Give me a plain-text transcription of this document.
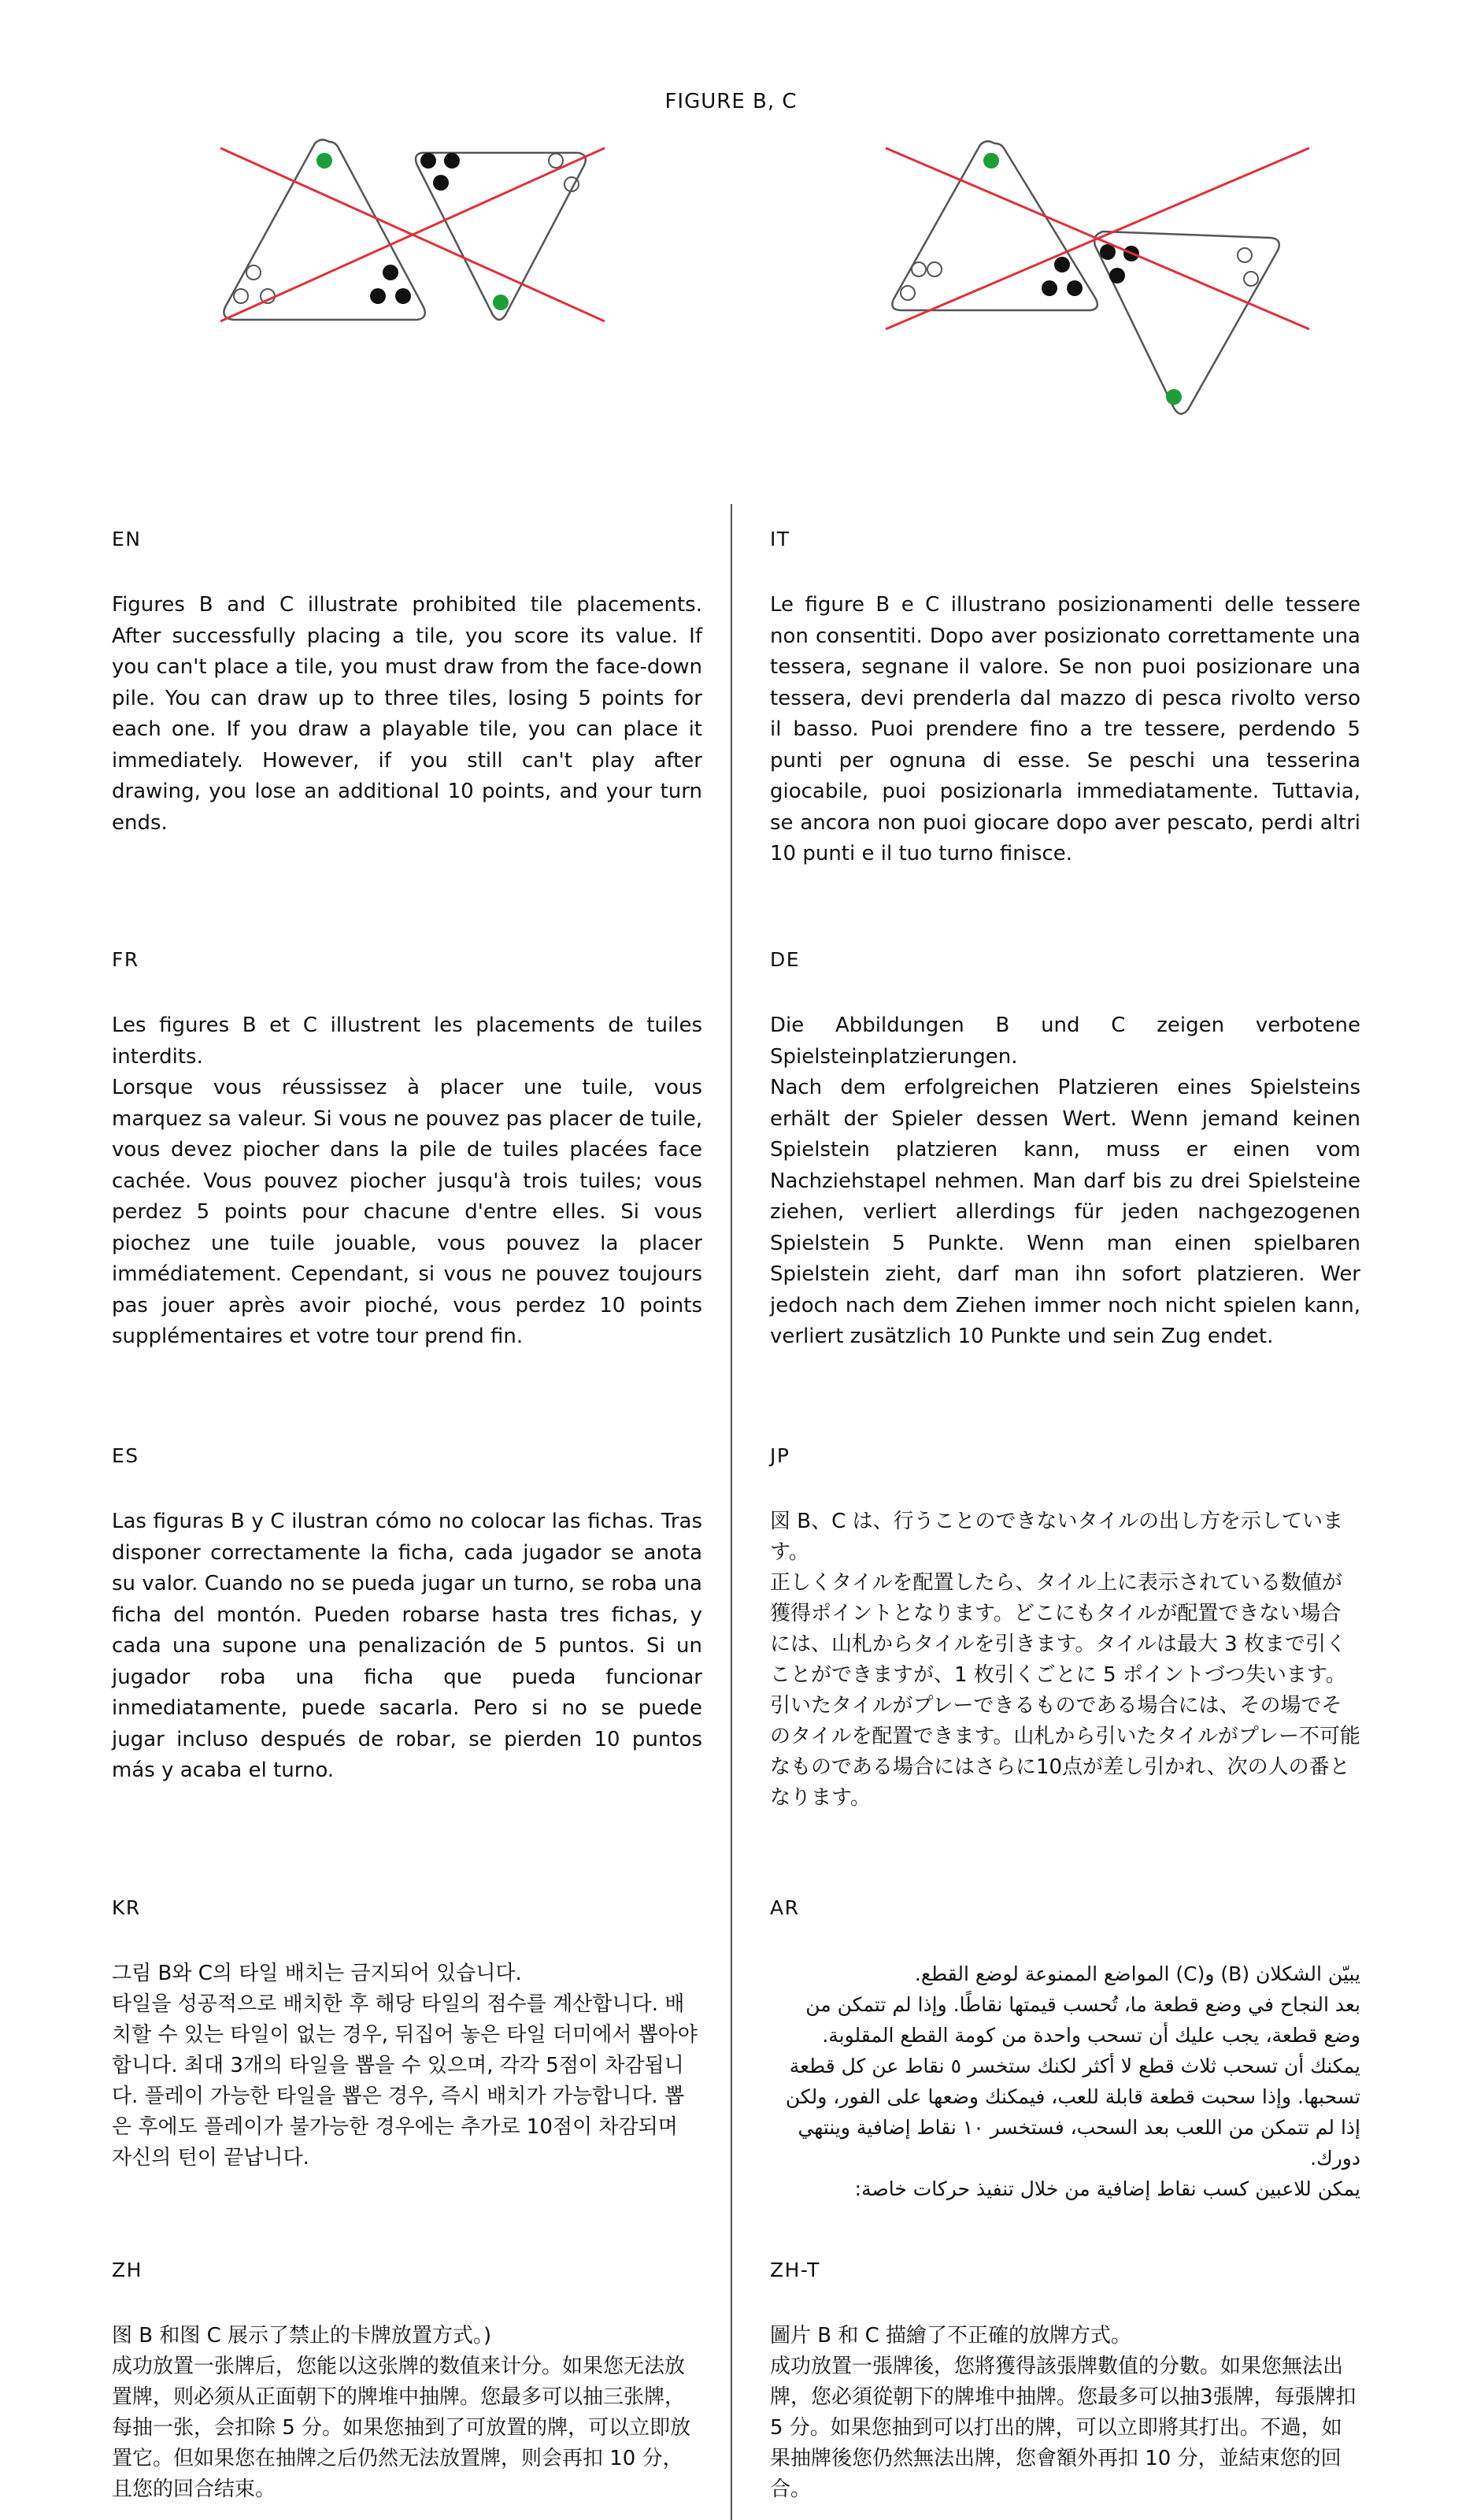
FIGURE B, C
EN
Figures B and C illustrate prohibited tile placements. After successfully placing a tile, you score its value. If you can't place a tile, you must draw from the face-down pile. You can draw up to three tiles, losing 5 points for each one. If you draw a playable tile, you can place it immediately. However, if you still can't play after drawing, you lose an additional 10 points, and your turn ends.
IT
Le figure B e C illustrano posizionamenti delle tessere non consentiti. Dopo aver posizionato correttamente una tessera, segnane il valore. Se non puoi posizionare una tessera, devi prenderla dal mazzo di pesca rivolto verso il basso. Puoi prendere fino a tre tessere, perdendo 5 punti per ognuna di esse. Se peschi una tesserina giocabile, puoi posizionarla immediatamente. Tuttavia, se ancora non puoi giocare dopo aver pescato, perdi altri 10 punti e il tuo turno finisce.
FR
Les figures B et C illustrent les placements de tuiles interdits.
Lorsque vous réussissez à placer une tuile, vous marquez sa valeur. Si vous ne pouvez pas placer de tuile, vous devez piocher dans la pile de tuiles placées face cachée. Vous pouvez piocher jusqu'à trois tuiles; vous perdez 5 points pour chacune d'entre elles. Si vous piochez une tuile jouable, vous pouvez la placer immédiatement. Cependant, si vous ne pouvez toujours pas jouer après avoir pioché, vous perdez 10 points supplémentaires et votre tour prend fin.
DE
Die Abbildungen B und C zeigen verbotene Spielsteinplatzierungen.
Nach dem erfolgreichen Platzieren eines Spielsteins erhält der Spieler dessen Wert. Wenn jemand keinen Spielstein platzieren kann, muss er einen vom Nachziehstapel nehmen. Man darf bis zu drei Spielsteine ziehen, verliert allerdings für jeden nachgezogenen Spielstein 5 Punkte. Wenn man einen spielbaren Spielstein zieht, darf man ihn sofort platzieren. Wer jedoch nach dem Ziehen immer noch nicht spielen kann, verliert zusätzlich 10 Punkte und sein Zug endet.
ES
Las figuras B y C ilustran cómo no colocar las fichas. Tras disponer correctamente la ficha, cada jugador se anota su valor. Cuando no se pueda jugar un turno, se roba una ficha del montón. Pueden robarse hasta tres fichas, y cada una supone una penalización de 5 puntos. Si un jugador roba una ficha que pueda funcionar inmediatamente, puede sacarla. Pero si no se puede jugar incluso después de robar, se pierden 10 puntos más y acaba el turno.
JP
図 B、C は、行うことのできないタイルの出し方を示しています。
正しくタイルを配置したら、タイル上に表示されている数値が獲得ポイントとなります。どこにもタイルが配置できない場合には、山札からタイルを引きます。タイルは最大 3 枚まで引くことができますが、1 枚引くごとに 5 ポイントづつ失います。引いたタイルがプレーできるものである場合には、その場でそのタイルを配置できます。山札から引いたタイルがプレー不可能なものである場合にはさらに10点が差し引かれ、次の人の番となります。
KR
그림 B와 C의 타일 배치는 금지되어 있습니다.
타일을 성공적으로 배치한 후 해당 타일의 점수를 계산합니다. 배치할 수 있는 타일이 없는 경우, 뒤집어 놓은 타일 더미에서 뽑아야 합니다. 최대 3개의 타일을 뽑을 수 있으며, 각각 5점이 차감됩니다. 플레이 가능한 타일을 뽑은 경우, 즉시 배치가 가능합니다. 뽑은 후에도 플레이가 불가능한 경우에는 추가로 10점이 차감되며 자신의 턴이 끝납니다.
AR
يبيّن الشكلان (B) و(C) المواضع الممنوعة لوضع القطع.
بعد النجاح في وضع قطعة ما، تُحسب قيمتها نقاطًا. وإذا لم تتمكن من وضع قطعة، يجب عليك أن تسحب واحدة من كومة القطع المقلوبة. يمكنك أن تسحب ثلاث قطع لا أكثر لكنك ستخسر ٥ نقاط عن كل قطعة تسحبها. وإذا سحبت قطعة قابلة للعب، فيمكنك وضعها على الفور، ولكن إذا لم تتمكن من اللعب بعد السحب، فستخسر ١٠ نقاط إضافية وينتهي دورك.
يمكن للاعبين كسب نقاط إضافية من خلال تنفيذ حركات خاصة:
ZH
图 B 和图 C 展示了禁止的卡牌放置方式。)
成功放置一张牌后，您能以这张牌的数值来计分。如果您无法放置牌，则必须从正面朝下的牌堆中抽牌。您最多可以抽三张牌，每抽一张，会扣除 5 分。如果您抽到了可放置的牌，可以立即放置它。但如果您在抽牌之后仍然无法放置牌，则会再扣 10 分，且您的回合结束。
ZH-T
圖片 B 和 C 描繪了不正確的放牌方式。
成功放置一張牌後，您將獲得該張牌數值的分數。如果您無法出牌，您必須從朝下的牌堆中抽牌。您最多可以抽3張牌，每張牌扣 5 分。如果您抽到可以打出的牌，可以立即將其打出。不過，如果抽牌後您仍然無法出牌，您會額外再扣 10 分，並結束您的回合。
